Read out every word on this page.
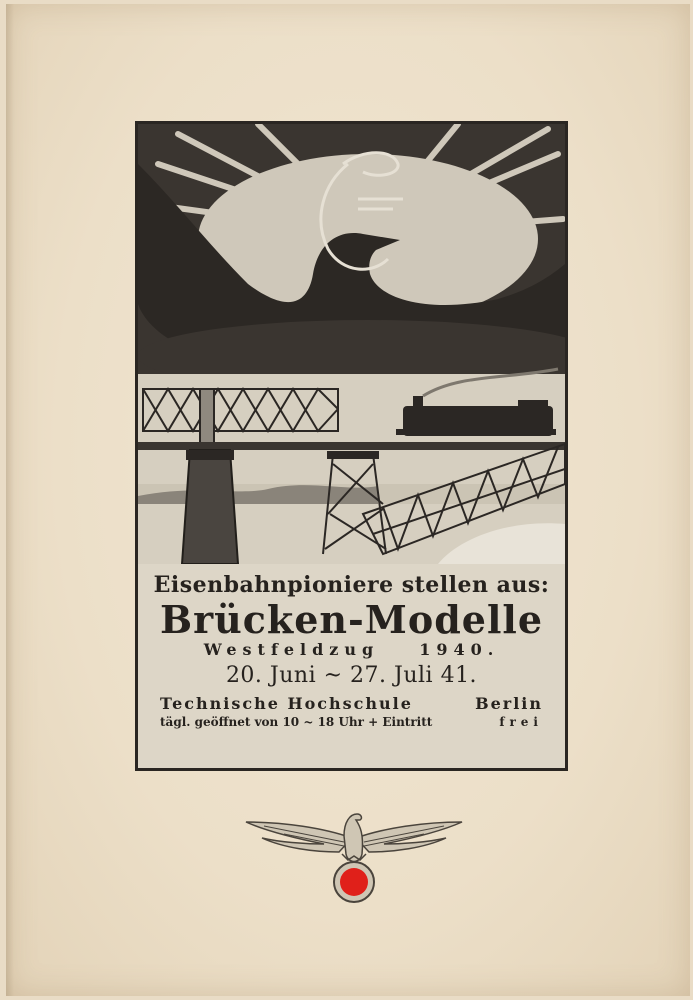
Eisenbahnpioniere stellen aus:
Brücken-Modelle
Westfeldzug	1940.
20. Juni ~ 27. Juli 41.
Technische Hochschule	Berlin
tägl. geöffnet von 10 ~ 18 Uhr + Eintritt	frei
